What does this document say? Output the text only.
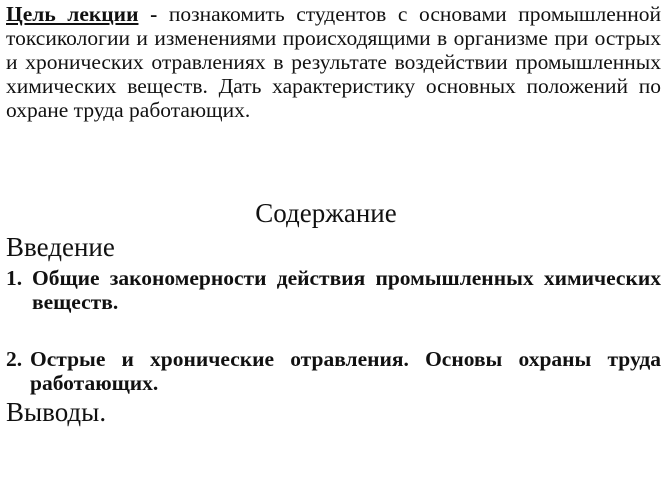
Цель лекции - познакомить студентов с основами промышленной токсикологии и изменениями происходящими в организме при острых и хронических отравлениях в результате воздействии промышленных химических веществ. Дать характеристику основных положений по охране труда работающих.
Содержание
Введение
1. Общие закономерности действия промышленных химических веществ.
2. Острые и хронические отравления. Основы охраны труда работающих.
Выводы.
